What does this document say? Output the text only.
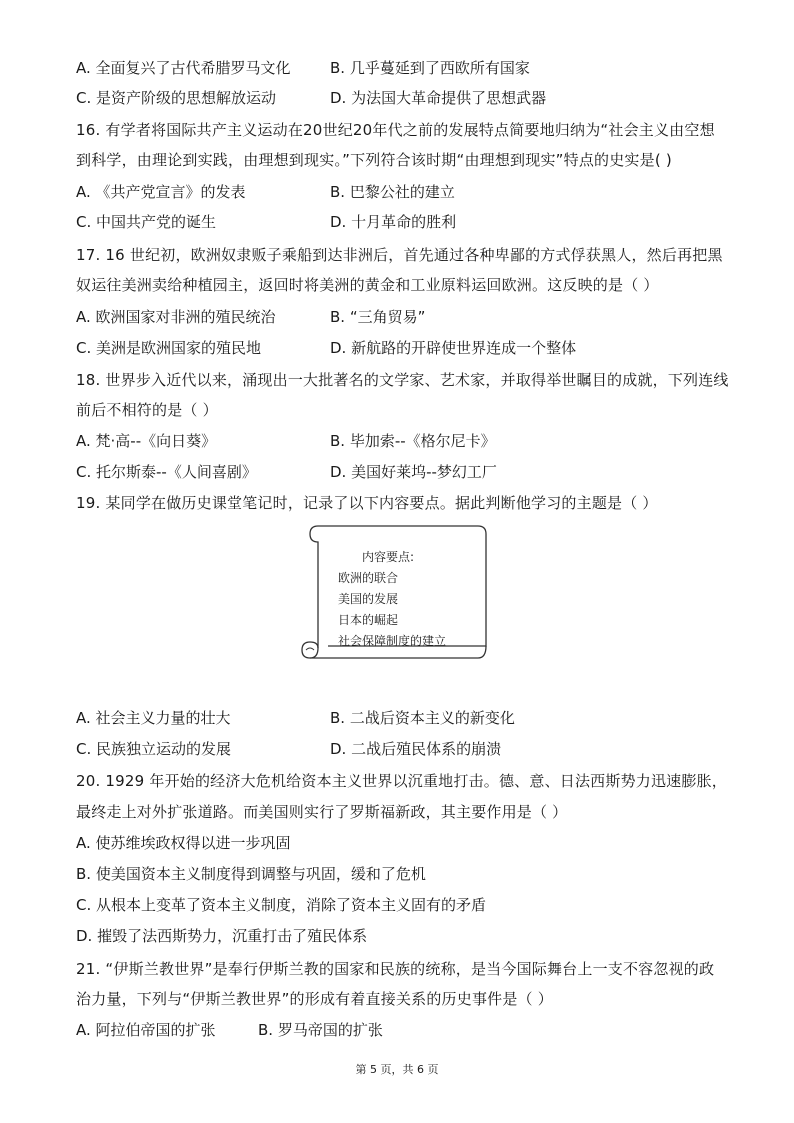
A. 全面复兴了古代希腊罗马文化	B. 几乎蔓延到了西欧所有国家
C. 是资产阶级的思想解放运动	D. 为法国大革命提供了思想武器
16. 有学者将国际共产主义运动在20世纪20年代之前的发展特点简要地归纳为“社会主义由空想
到科学，由理论到实践，由理想到现实。”下列符合该时期“由理想到现实”特点的史实是( )
A. 《共产党宣言》的发表	B. 巴黎公社的建立
C. 中国共产党的诞生	D. 十月革命的胜利
17. 16 世纪初，欧洲奴隶贩子乘船到达非洲后，首先通过各种卑鄙的方式俘获黑人，然后再把黑
奴运往美洲卖给种植园主，返回时将美洲的黄金和工业原料运回欧洲。这反映的是（ ）
A. 欧洲国家对非洲的殖民统治	B. “三角贸易”
C. 美洲是欧洲国家的殖民地	D. 新航路的开辟使世界连成一个整体
18. 世界步入近代以来，涌现出一大批著名的文学家、艺术家，并取得举世瞩目的成就，下列连线
前后不相符的是（ ）
A. 梵·高--《向日葵》	B. 毕加索--《格尔尼卡》
C. 托尔斯泰--《人间喜剧》	D. 美国好莱坞--梦幻工厂
19. 某同学在做历史课堂笔记时，记录了以下内容要点。据此判断他学习的主题是（ ）
内容要点:
欧洲的联合
美国的发展
日本的崛起
社会保障制度的建立
A. 社会主义力量的壮大	B. 二战后资本主义的新变化
C. 民族独立运动的发展	D. 二战后殖民体系的崩溃
20. 1929 年开始的经济大危机给资本主义世界以沉重地打击。德、意、日法西斯势力迅速膨胀，
最终走上对外扩张道路。而美国则实行了罗斯福新政，其主要作用是（ ）
A. 使苏维埃政权得以进一步巩固
B. 使美国资本主义制度得到调整与巩固，缓和了危机
C. 从根本上变革了资本主义制度，消除了资本主义固有的矛盾
D. 摧毁了法西斯势力，沉重打击了殖民体系
21. “伊斯兰教世界”是奉行伊斯兰教的国家和民族的统称，是当今国际舞台上一支不容忽视的政
治力量，下列与“伊斯兰教世界”的形成有着直接关系的历史事件是（ ）
A. 阿拉伯帝国的扩张	B. 罗马帝国的扩张
第 5 页，共 6 页
